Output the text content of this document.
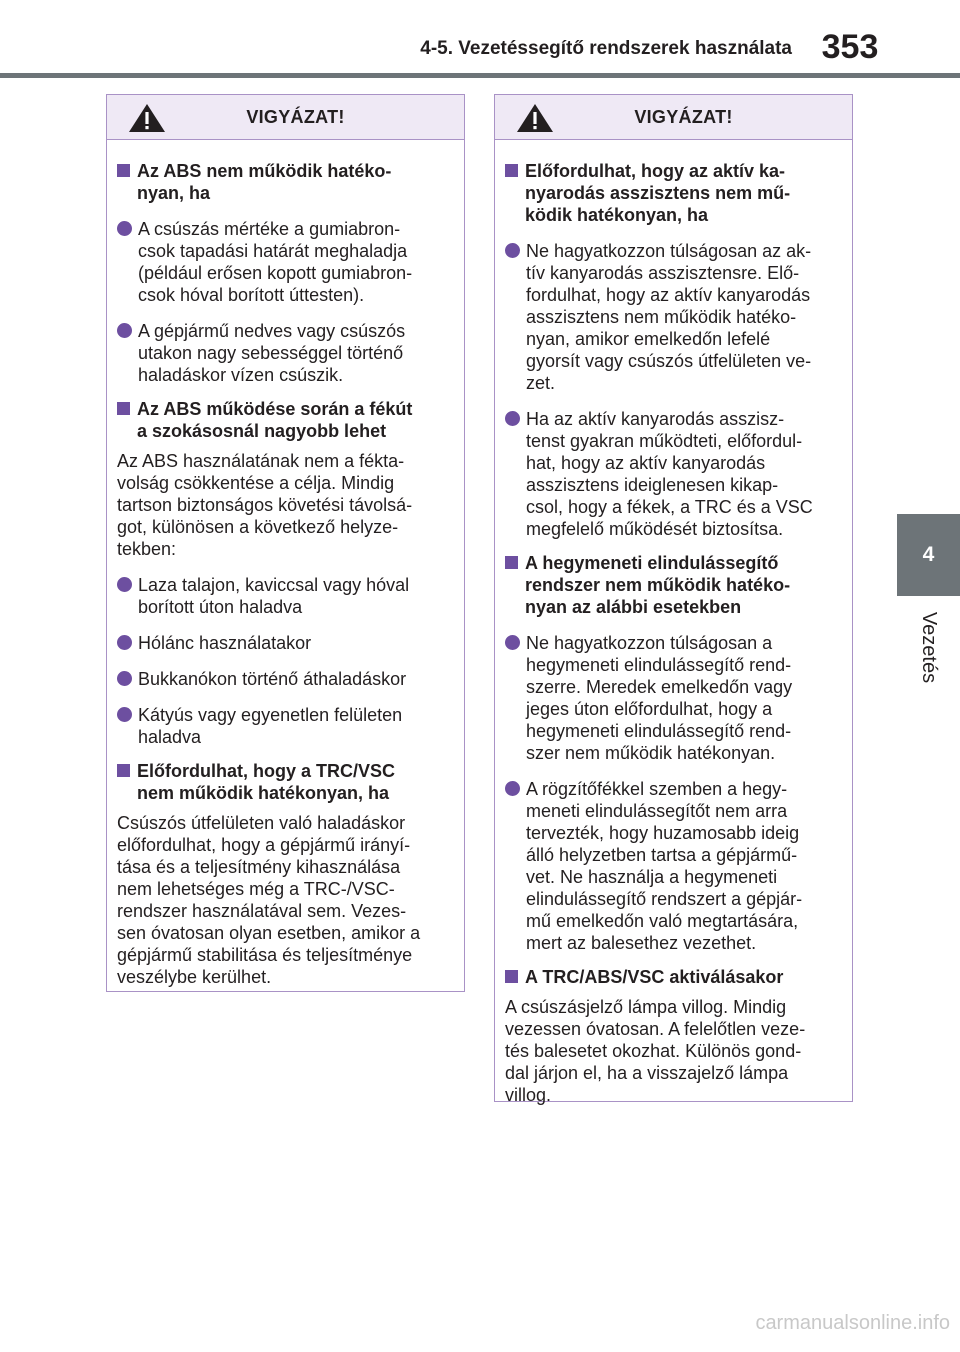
4-5. Vezetéssegítő rendszerek használata 353
4
Vezetés
VIGYÁZAT!
Az ABS nem működik hatéko-
nyan, ha
A csúszás mértéke a gumiabron-
csok tapadási határát meghaladja
(például erősen kopott gumiabron-
csok hóval borított úttesten).
A gépjármű nedves vagy csúszós
utakon nagy sebességgel történő
haladáskor vízen csúszik.
Az ABS működése során a fékút
a szokásosnál nagyobb lehet
Az ABS használatának nem a fékta-
volság csökkentése a célja. Mindig
tartson biztonságos követési távolsá-
got, különösen a következő helyze-
tekben:
Laza talajon, kaviccsal vagy hóval
borított úton haladva
Hólánc használatakor
Bukkanókon történő áthaladáskor
Kátyús vagy egyenetlen felületen
haladva
Előfordulhat, hogy a TRC/VSC
nem működik hatékonyan, ha
Csúszós útfelületen való haladáskor
előfordulhat, hogy a gépjármű irányí-
tása és a teljesítmény kihasználása
nem lehetséges még a TRC-/VSC-
rendszer használatával sem. Vezes-
sen óvatosan olyan esetben, amikor a
gépjármű stabilitása és teljesítménye
veszélybe kerülhet.
VIGYÁZAT!
Előfordulhat, hogy az aktív ka-
nyarodás asszisztens nem mű-
ködik hatékonyan, ha
Ne hagyatkozzon túlságosan az ak-
tív kanyarodás asszisztensre. Elő-
fordulhat, hogy az aktív kanyarodás
asszisztens nem működik hatéko-
nyan, amikor emelkedőn lefelé
gyorsít vagy csúszós útfelületen ve-
zet.
Ha az aktív kanyarodás asszisz-
tenst gyakran működteti, előfordul-
hat, hogy az aktív kanyarodás
asszisztens ideiglenesen kikap-
csol, hogy a fékek, a TRC és a VSC
megfelelő működését biztosítsa.
A hegymeneti elindulássegítő
rendszer nem működik hatéko-
nyan az alábbi esetekben
Ne hagyatkozzon túlságosan a
hegymeneti elindulássegítő rend-
szerre. Meredek emelkedőn vagy
jeges úton előfordulhat, hogy a
hegymeneti elindulássegítő rend-
szer nem működik hatékonyan.
A rögzítőfékkel szemben a hegy-
meneti elindulássegítőt nem arra
tervezték, hogy huzamosabb ideig
álló helyzetben tartsa a gépjármű-
vet. Ne használja a hegymeneti
elindulássegítő rendszert a gépjár-
mű emelkedőn való megtartására,
mert az balesethez vezethet.
A TRC/ABS/VSC aktiválásakor
A csúszásjelző lámpa villog. Mindig
vezessen óvatosan. A felelőtlen veze-
tés balesetet okozhat. Különös gond-
dal járjon el, ha a visszajelző lámpa
villog.
carmanualsonline.info
